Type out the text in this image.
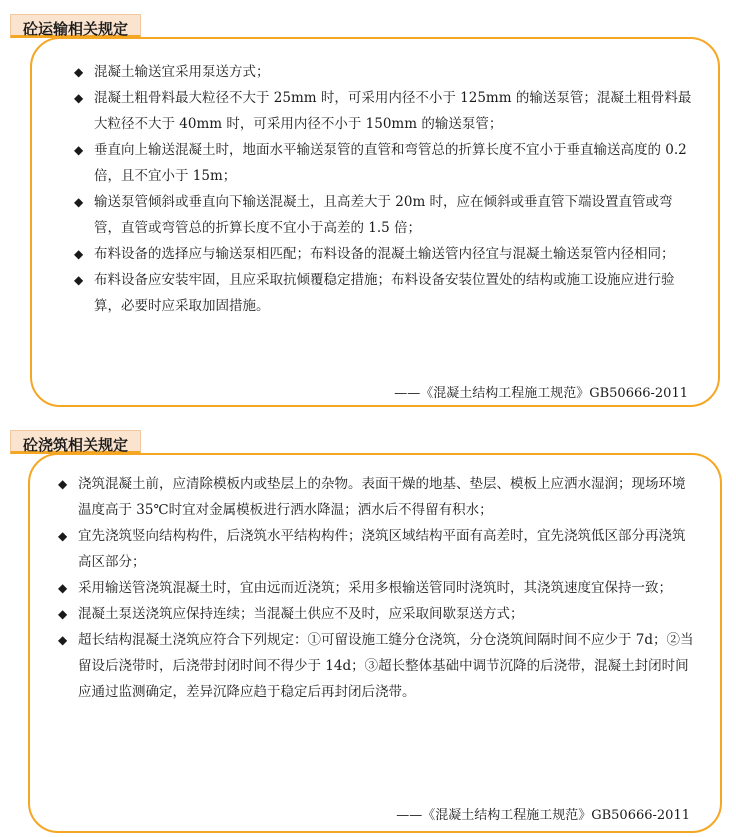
砼运输相关规定
◆ 混凝土输送宜采用泵送方式；
◆ 混凝土粗骨料最大粒径不大于 25mm 时，可采用内径不小于 125mm 的输送泵管；混凝土粗骨料最大粒径不大于 40mm 时，可采用内径不小于 150mm 的输送泵管；
◆ 垂直向上输送混凝土时，地面水平输送泵管的直管和弯管总的折算长度不宜小于垂直输送高度的 0.2 倍，且不宜小于 15m；
◆ 输送泵管倾斜或垂直向下输送混凝土，且高差大于 20m 时，应在倾斜或垂直管下端设置直管或弯管，直管或弯管总的折算长度不宜小于高差的 1.5 倍；
◆ 布料设备的选择应与输送泵相匹配；布料设备的混凝土输送管内径宜与混凝土输送泵管内径相同；
◆ 布料设备应安装牢固，且应采取抗倾覆稳定措施；布料设备安装位置处的结构或施工设施应进行验算，必要时应采取加固措施。
——《混凝土结构工程施工规范》GB50666-2011
砼浇筑相关规定
◆ 浇筑混凝土前，应清除模板内或垫层上的杂物。表面干燥的地基、垫层、模板上应洒水湿润；现场环境温度高于 35℃时宜对金属模板进行洒水降温；洒水后不得留有积水；
◆ 宜先浇筑竖向结构构件，后浇筑水平结构构件；浇筑区域结构平面有高差时，宜先浇筑低区部分再浇筑高区部分；
◆ 采用输送管浇筑混凝土时，宜由远而近浇筑；采用多根输送管同时浇筑时，其浇筑速度宜保持一致；
◆ 混凝土泵送浇筑应保持连续；当混凝土供应不及时，应采取间歇泵送方式；
◆ 超长结构混凝土浇筑应符合下列规定：①可留设施工缝分仓浇筑，分仓浇筑间隔时间不应少于 7d；②当留设后浇带时，后浇带封闭时间不得少于 14d；③超长整体基础中调节沉降的后浇带，混凝土封闭时间应通过监测确定，差异沉降应趋于稳定后再封闭后浇带。
——《混凝土结构工程施工规范》GB50666-2011
